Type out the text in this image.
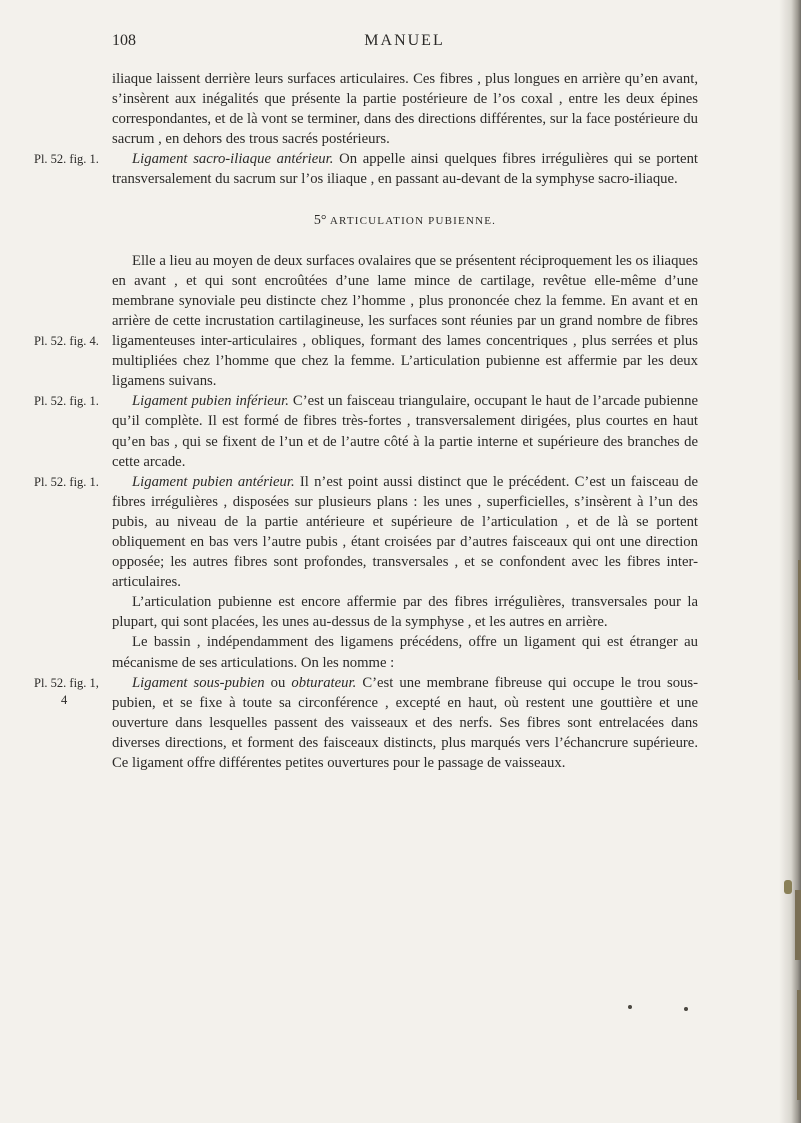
108	MANUEL

iliaque laissent derrière leurs surfaces articulaires. Ces fibres , plus longues en arrière qu’en avant, s’insèrent aux inégalités que présente la partie postérieure de l’os coxal , entre les deux épines correspondantes, et de là vont se terminer, dans des directions différentes, sur la face postérieure du sacrum , en dehors des trous sacrés postérieurs.

Pl. 52. fig. 1.	Ligament sacro-iliaque antérieur. On appelle ainsi quelques fibres irrégulières qui se portent transversalement du sacrum sur l’os iliaque , en passant au-devant de la symphyse sacro-iliaque.

5° ARTICULATION PUBIENNE.

Pl. 52. fig. 4.
Elle a lieu au moyen de deux surfaces ovalaires que se présentent réciproquement les os iliaques en avant , et qui sont encroûtées d’une lame mince de cartilage, revêtue elle-même d’une membrane synoviale peu distincte chez l’homme , plus prononcée chez la femme. En avant et en arrière de cette incrustation cartilagineuse, les surfaces sont réunies par un grand nombre de fibres ligamenteuses inter-articulaires , obliques, formant des lames concentriques , plus serrées et plus multipliées chez l’homme que chez la femme. L’articulation pubienne est affermie par les deux ligamens suivans.

Pl. 52. fig. 1.	Ligament pubien inférieur. C’est un faisceau triangulaire, occupant le haut de l’arcade pubienne qu’il complète. Il est formé de fibres très-fortes , transversalement dirigées, plus courtes en haut qu’en bas , qui se fixent de l’un et de l’autre côté à la partie interne et supérieure des branches de cette arcade.

Pl. 52. fig. 1.	Ligament pubien antérieur. Il n’est point aussi distinct que le précédent. C’est un faisceau de fibres irrégulières , disposées sur plusieurs plans : les unes , superficielles, s’insèrent à l’un des pubis, au niveau de la partie antérieure et supérieure de l’articulation , et de là se portent obliquement en bas vers l’autre pubis , étant croisées par d’autres faisceaux qui ont une direction opposée; les autres fibres sont profondes, transversales , et se confondent avec les fibres inter-articulaires.

L’articulation pubienne est encore affermie par des fibres irrégulières, transversales pour la plupart, qui sont placées, les unes au-dessus de la symphyse , et les autres en arrière.

Le bassin , indépendamment des ligamens précédens, offre un ligament qui est étranger au mécanisme de ses articulations. On les nomme :

Pl. 52. fig. 1,
4
Ligament sous-pubien ou obturateur. C’est une membrane fibreuse qui occupe le trou sous-pubien, et se fixe à toute sa circonférence , excepté en haut, où restent une gouttière et une ouverture dans lesquelles passent des vaisseaux et des nerfs. Ses fibres sont entrelacées dans diverses directions, et forment des faisceaux distincts, plus marqués vers l’échancrure supérieure. Ce ligament offre différentes petites ouvertures pour le passage de vaisseaux.
